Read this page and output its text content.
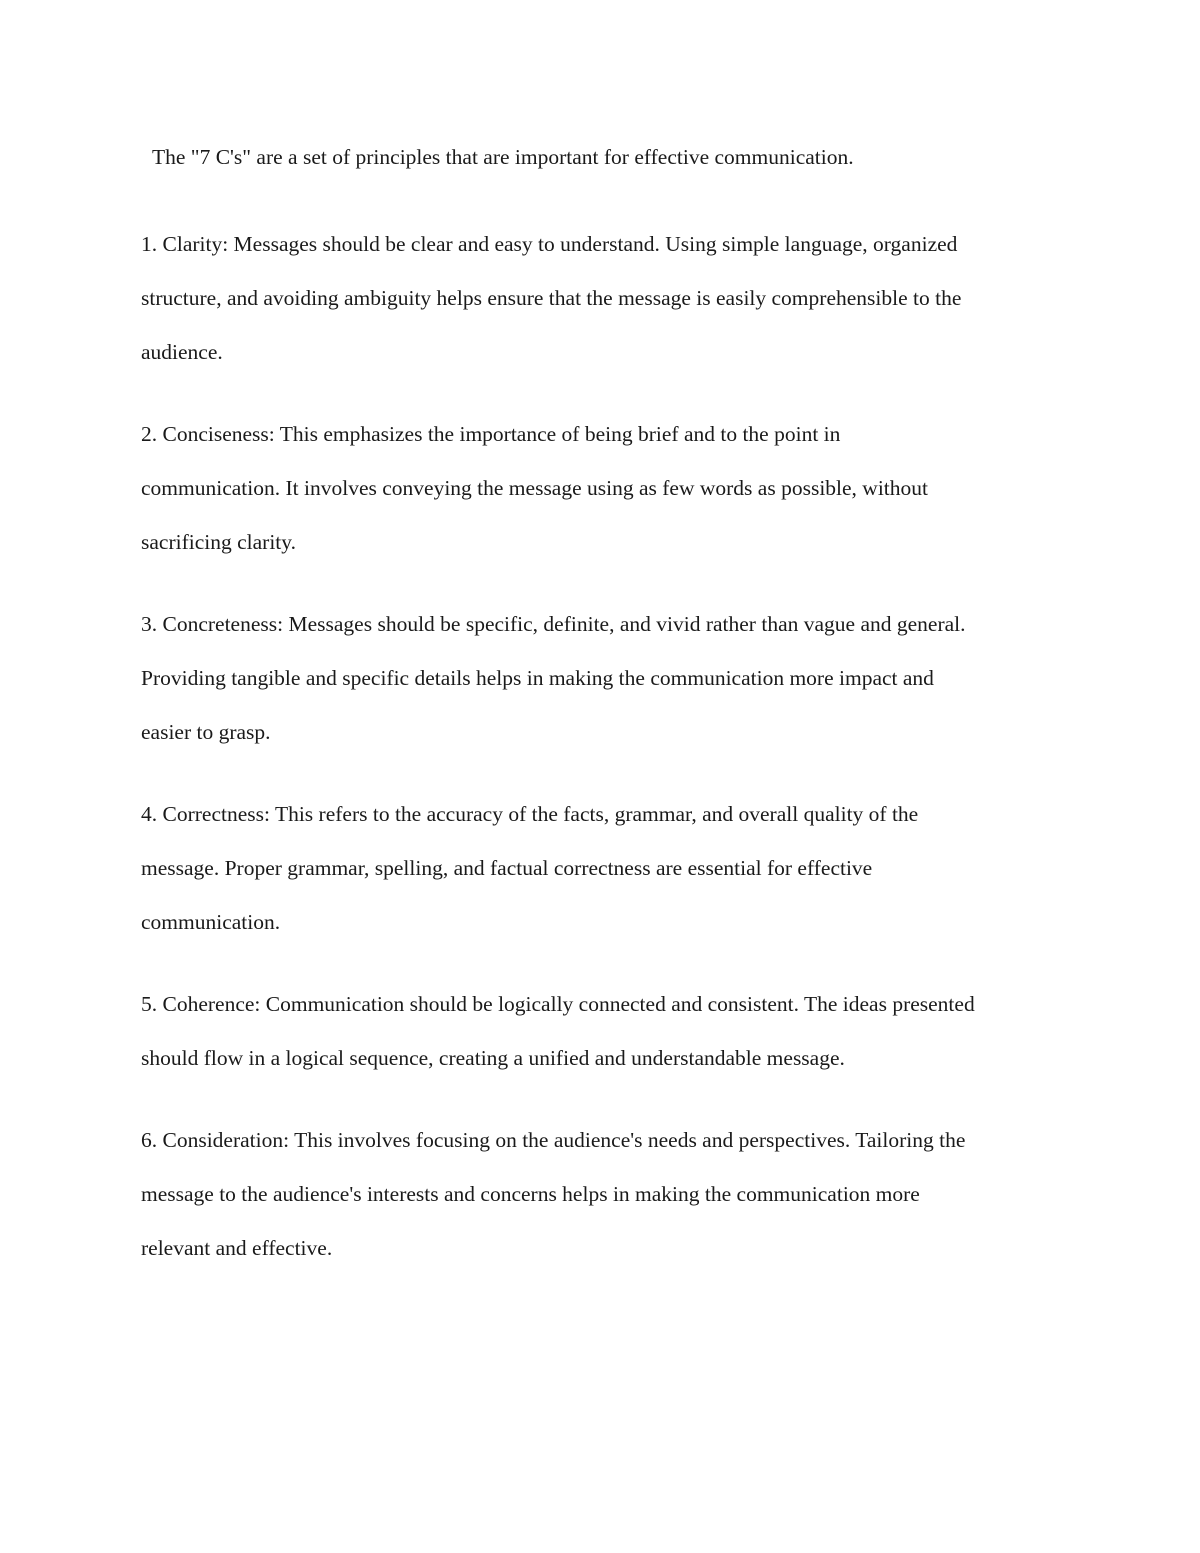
The "7 C's" are a set of principles that are important for effective communication.

1. Clarity: Messages should be clear and easy to understand. Using simple language, organized
structure, and avoiding ambiguity helps ensure that the message is easily comprehensible to the
audience.

2. Conciseness: This emphasizes the importance of being brief and to the point in
communication. It involves conveying the message using as few words as possible, without
sacrificing clarity.

3. Concreteness: Messages should be specific, definite, and vivid rather than vague and general.
Providing tangible and specific details helps in making the communication more impact and
easier to grasp.

4. Correctness: This refers to the accuracy of the facts, grammar, and overall quality of the
message. Proper grammar, spelling, and factual correctness are essential for effective
communication.

5. Coherence: Communication should be logically connected and consistent. The ideas presented
should flow in a logical sequence, creating a unified and understandable message.

6. Consideration: This involves focusing on the audience's needs and perspectives. Tailoring the
message to the audience's interests and concerns helps in making the communication more
relevant and effective.
